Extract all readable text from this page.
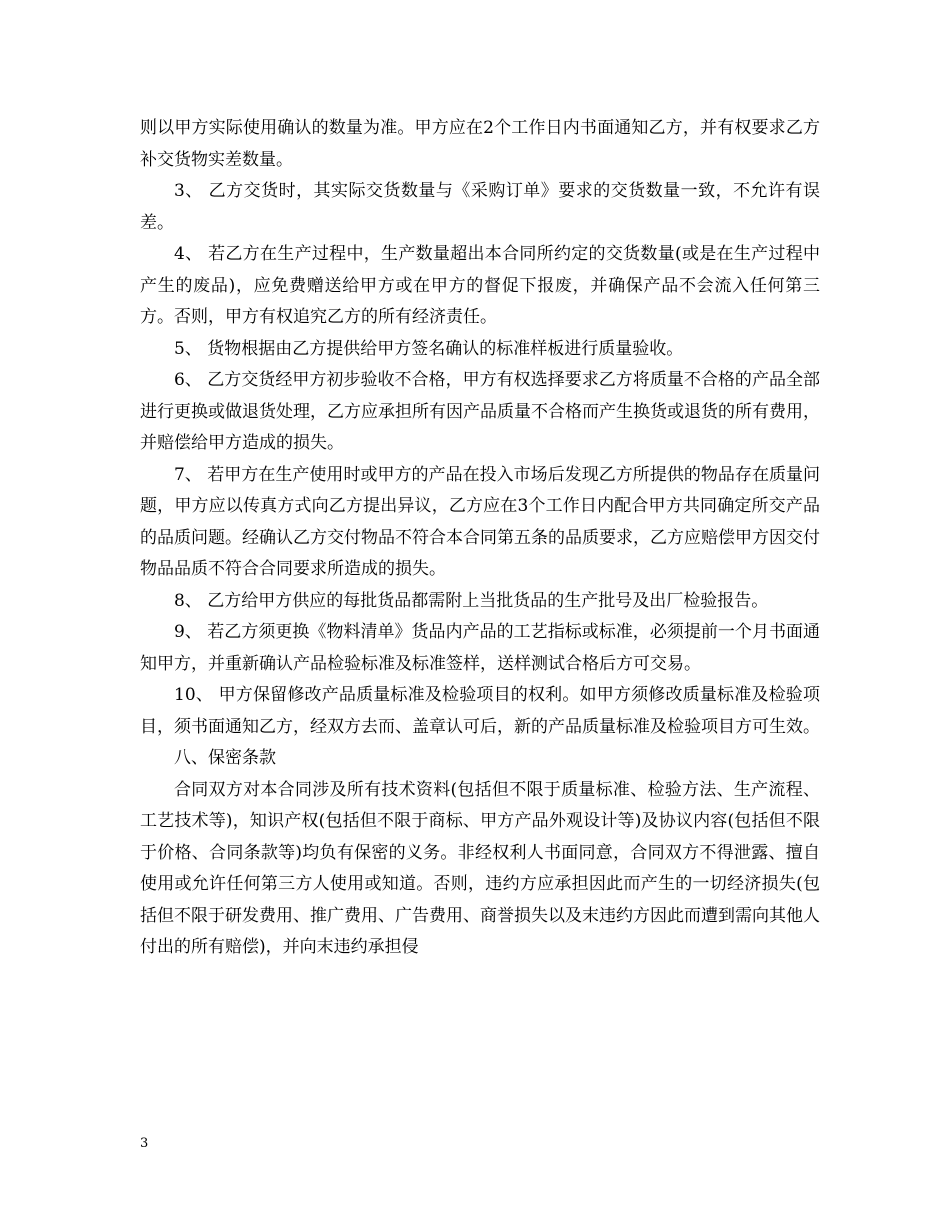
则以甲方实际使用确认的数量为准。甲方应在2个工作日内书面通知乙方，并有权要求乙方补交货物实差数量。

3、 乙方交货时，其实际交货数量与《采购订单》要求的交货数量一致，不允许有误差。

4、 若乙方在生产过程中，生产数量超出本合同所约定的交货数量(或是在生产过程中产生的废品)，应免费赠送给甲方或在甲方的督促下报废，并确保产品不会流入任何第三方。否则，甲方有权追究乙方的所有经济责任。

5、 货物根据由乙方提供给甲方签名确认的标准样板进行质量验收。

6、 乙方交货经甲方初步验收不合格，甲方有权选择要求乙方将质量不合格的产品全部进行更换或做退货处理，乙方应承担所有因产品质量不合格而产生换货或退货的所有费用，并赔偿给甲方造成的损失。

7、 若甲方在生产使用时或甲方的产品在投入市场后发现乙方所提供的物品存在质量问题，甲方应以传真方式向乙方提出异议，乙方应在3个工作日内配合甲方共同确定所交产品的品质问题。经确认乙方交付物品不符合本合同第五条的品质要求，乙方应赔偿甲方因交付物品品质不符合合同要求所造成的损失。

8、 乙方给甲方供应的每批货品都需附上当批货品的生产批号及出厂检验报告。

9、 若乙方须更换《物料清单》货品内产品的工艺指标或标准，必须提前一个月书面通知甲方，并重新确认产品检验标准及标准签样，送样测试合格后方可交易。

10、 甲方保留修改产品质量标准及检验项目的权利。如甲方须修改质量标准及检验项目，须书面通知乙方，经双方去而、盖章认可后，新的产品质量标准及检验项目方可生效。

八、保密条款

合同双方对本合同涉及所有技术资料(包括但不限于质量标准、检验方法、生产流程、工艺技术等)，知识产权(包括但不限于商标、甲方产品外观设计等)及协议内容(包括但不限于价格、合同条款等)均负有保密的义务。非经权利人书面同意，合同双方不得泄露、擅自使用或允许任何第三方人使用或知道。否则，违约方应承担因此而产生的一切经济损失(包括但不限于研发费用、推广费用、广告费用、商誉损失以及末违约方因此而遭到需向其他人付出的所有赔偿)，并向末违约承担侵

3
